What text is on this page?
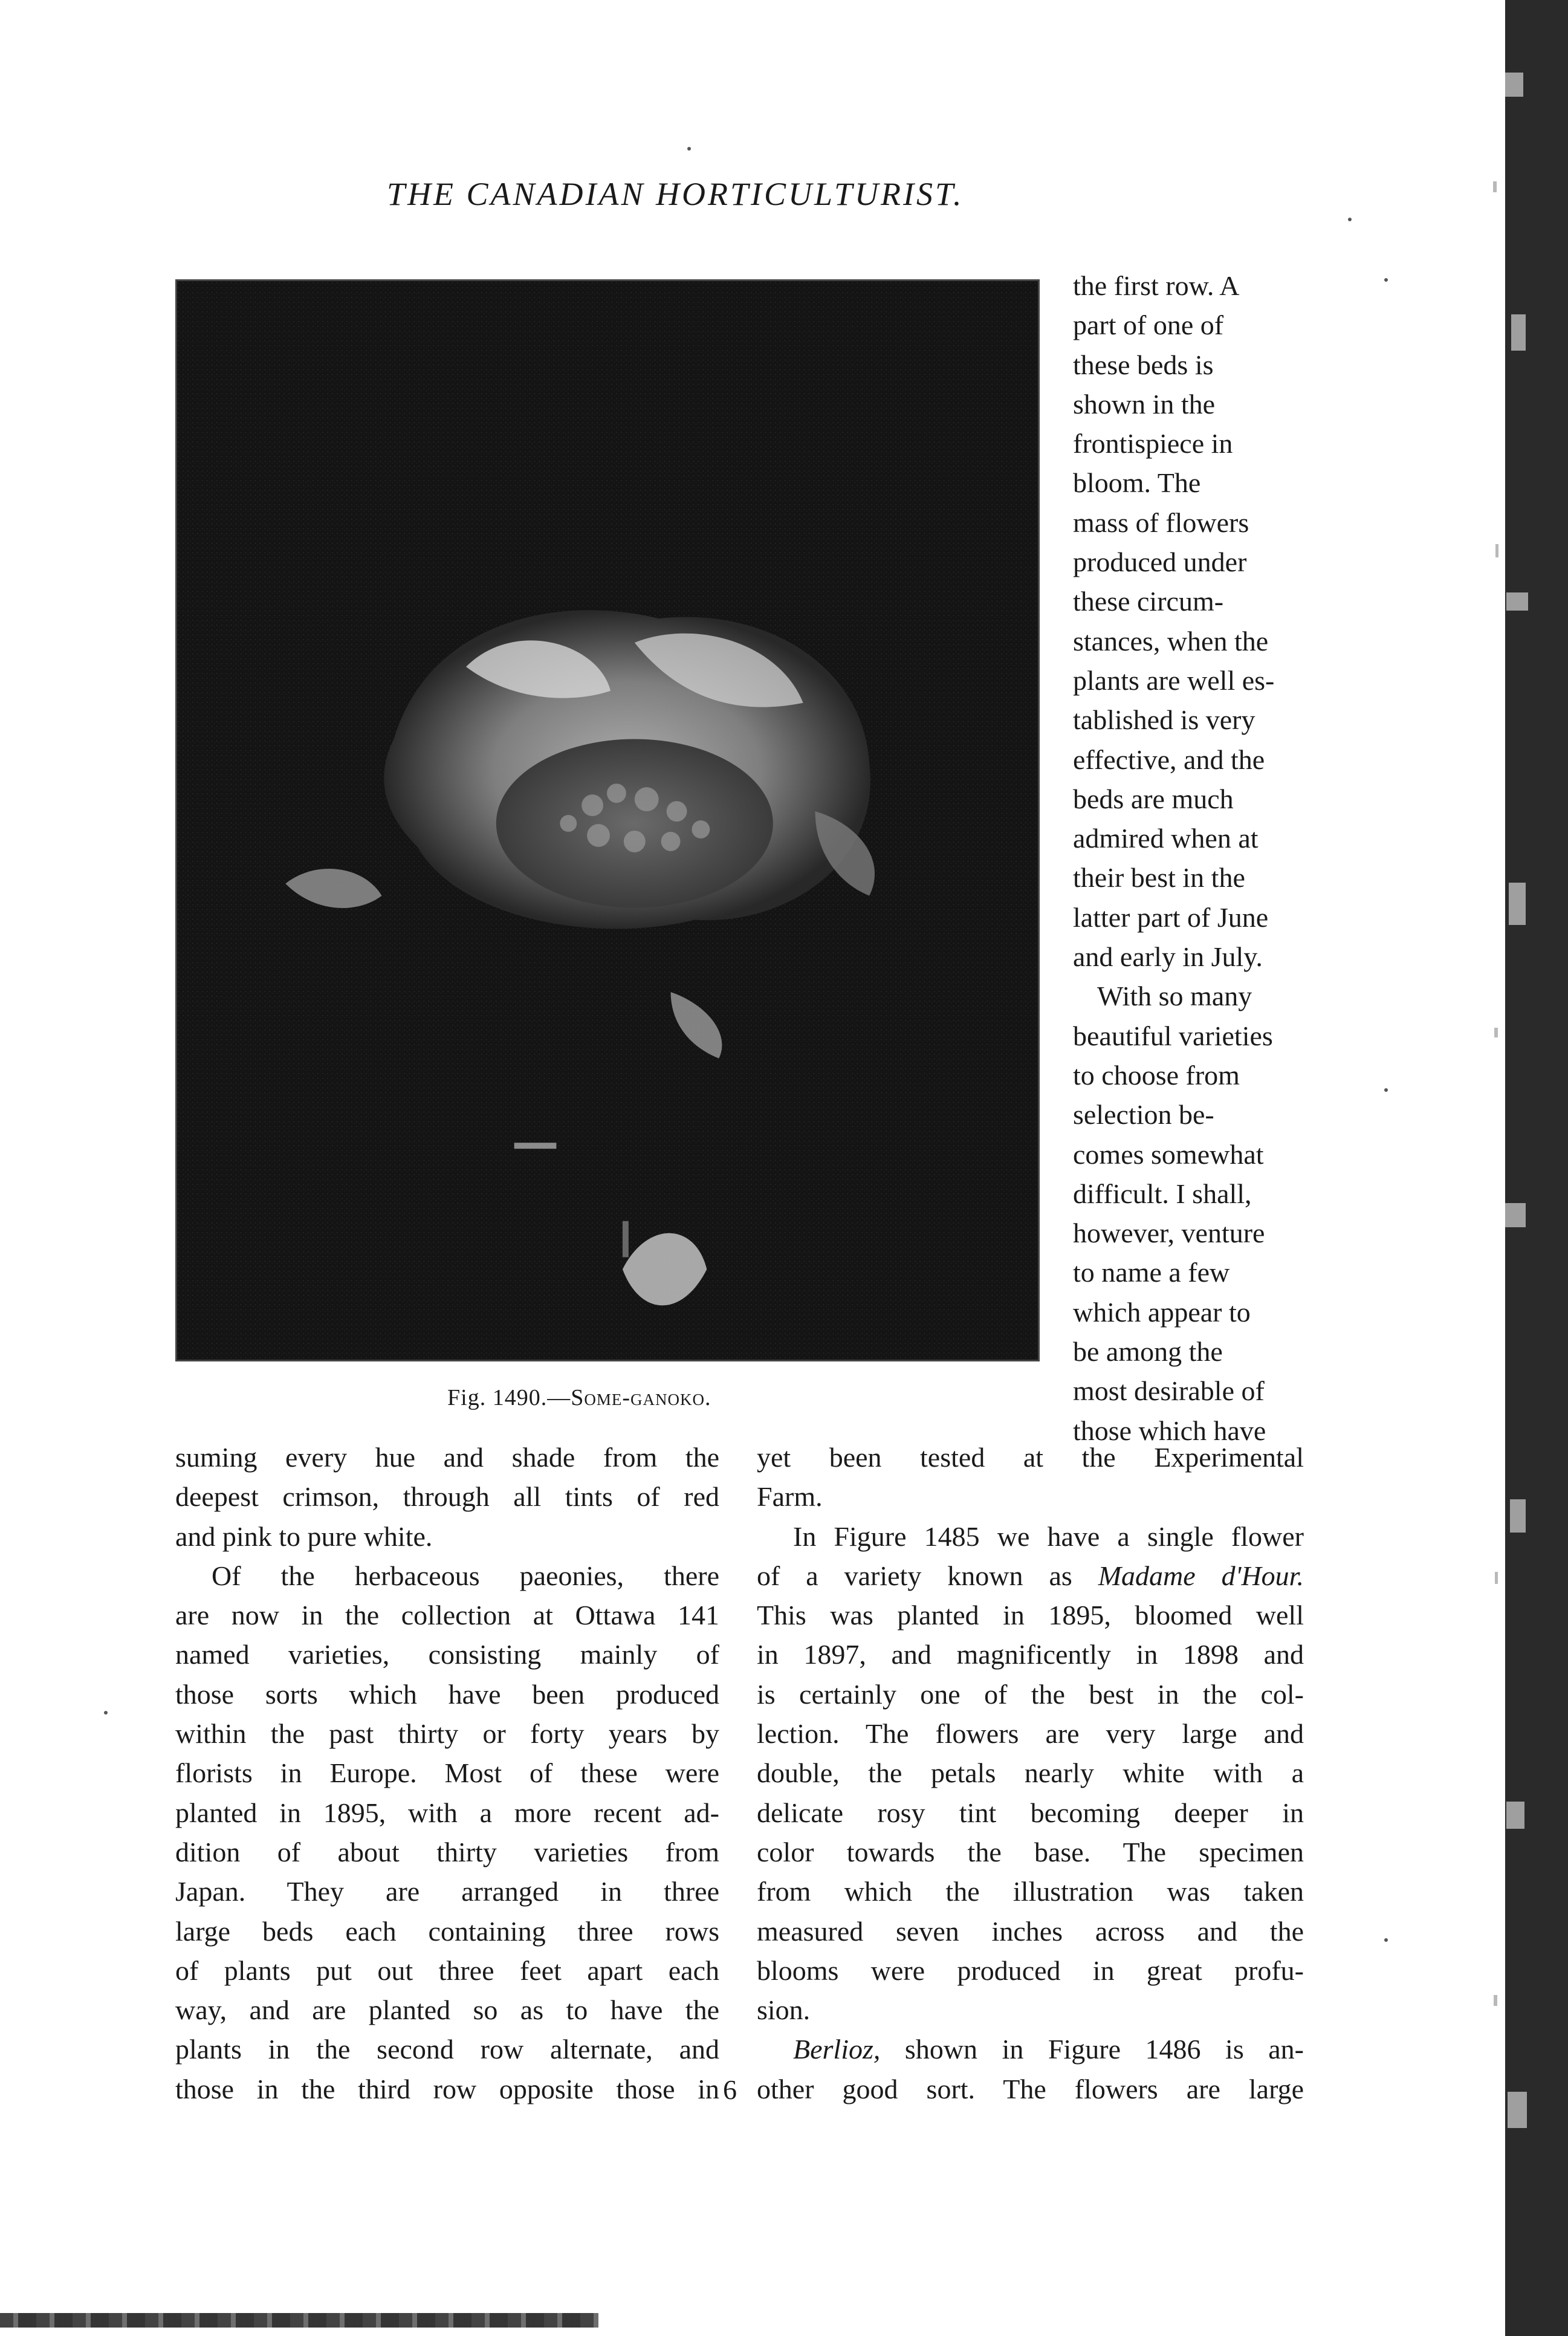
THE CANADIAN HORTICULTURIST.
Fig. 1490.—Some-ganoko.
the first row. A
part of one of
these beds is
shown in the
frontispiece in
bloom. The
mass of flowers
produced under
these circum-
stances, when the
plants are well es-
tablished is very
effective, and the
beds are much
admired when at
their best in the
latter part of June
and early in July.
With so many
beautiful varieties
to choose from
selection be-
comes somewhat
difficult. I shall,
however, venture
to name a few
which appear to
be among the
most desirable of
those which have
suming every hue and shade from the
deepest crimson, through all tints of red
and pink to pure white.
Of the herbaceous paeonies, there
are now in the collection at Ottawa 141
named varieties, consisting mainly of
those sorts which have been produced
within the past thirty or forty years by
florists in Europe. Most of these were
planted in 1895, with a more recent ad-
dition of about thirty varieties from
Japan. They are arranged in three
large beds each containing three rows
of plants put out three feet apart each
way, and are planted so as to have the
plants in the second row alternate, and
those in the third row opposite those in
yet been tested at the Experimental
Farm.
In Figure 1485 we have a single flower
of a variety known as Madame d'Hour.
This was planted in 1895, bloomed well
in 1897, and magnificently in 1898 and
is certainly one of the best in the col-
lection. The flowers are very large and
double, the petals nearly white with a
delicate rosy tint becoming deeper in
color towards the base. The specimen
from which the illustration was taken
measured seven inches across and the
blooms were produced in great profu-
sion.
Berlioz, shown in Figure 1486 is an-
other good sort. The flowers are large
6
